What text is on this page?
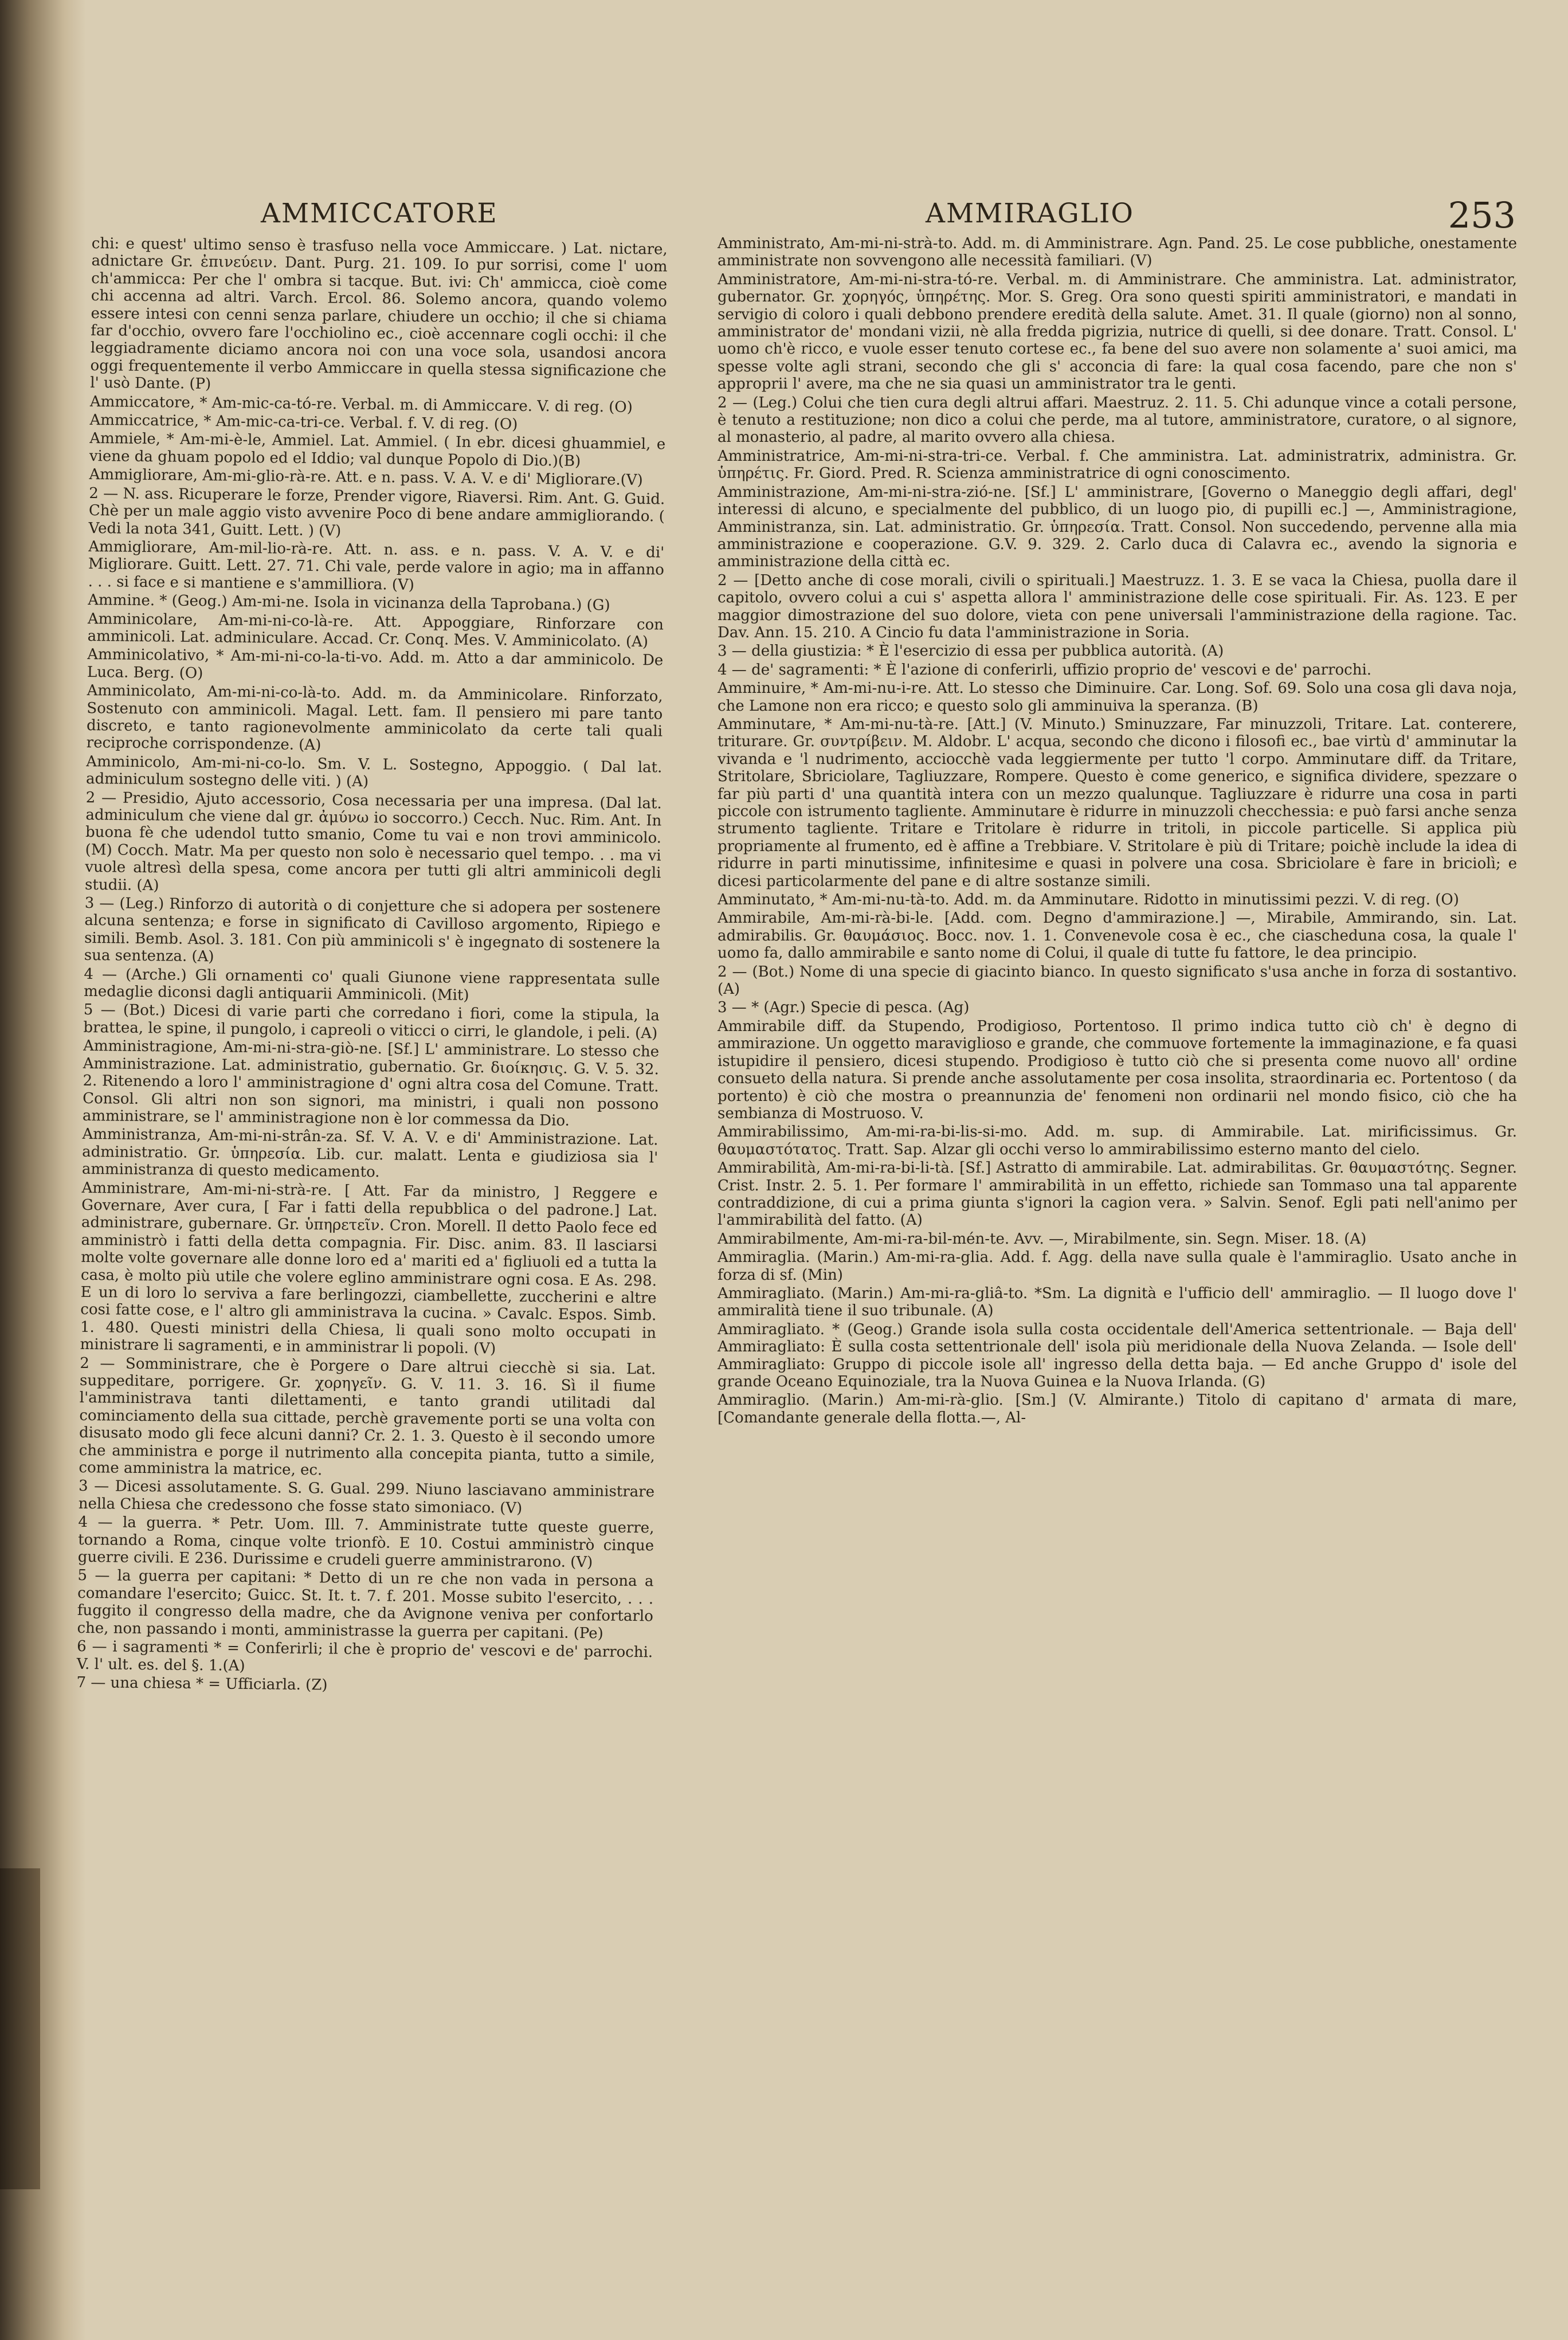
AMMICCATORE	AMMIRAGLIO	253

chi: e quest' ultimo senso è trasfuso nella voce Ammiccare. ) Lat. nictare, adnictare Gr. ἐπινεύειν. Dant. Purg. 21. 109. Io pur sorrisi, come l' uom ch'ammicca: Per che l' ombra si tacque. But. ivi: Ch' ammicca, cioè come chi accenna ad altri. Varch. Ercol. 86. Solemo ancora, quando volemo essere intesi con cenni senza parlare, chiudere un occhio; il che si chiama far d'occhio, ovvero fare l'occhiolino ec., cioè accennare cogli occhi: il che leggiadramente diciamo ancora noi con una voce sola, usandosi ancora oggi frequentemente il verbo Ammiccare in quella stessa significazione che l' usò Dante. (P)

Ammiccatore, * Am-mic-ca-tó-re. Verbal. m. di Ammiccare. V. di reg. (O)

Ammiccatrice, * Am-mic-ca-tri-ce. Verbal. f. V. di reg. (O)

Ammiele, * Am-mi-è-le, Ammiel. Lat. Ammiel. ( In ebr. dicesi ghuammiel, e viene da ghuam popolo ed el Iddio; val dunque Popolo di Dio.)(B)

Ammigliorare, Am-mi-glio-rà-re. Att. e n. pass. V. A. V. e di' Migliorare.(V)

2 — N. ass. Ricuperare le forze, Prender vigore, Riaversi. Rim. Ant. G. Guid. Chè per un male aggio visto avvenire Poco di bene andare ammigliorando. ( Vedi la nota 341, Guitt. Lett. ) (V)

Ammigliorare, Am-mil-lio-rà-re. Att. n. ass. e n. pass. V. A. V. e di' Migliorare. Guitt. Lett. 27. 71. Chi vale, perde valore in agio; ma in affanno . . . si face e si mantiene e s'ammilliora. (V)

Ammine. * (Geog.) Am-mi-ne. Isola in vicinanza della Taprobana.) (G)

Amminicolare, Am-mi-ni-co-là-re. Att. Appoggiare, Rinforzare con amminicoli. Lat. adminiculare. Accad. Cr. Conq. Mes. V. Amminicolato. (A)

Amminicolativo, * Am-mi-ni-co-la-ti-vo. Add. m. Atto a dar amminicolo. De Luca. Berg. (O)

Amminicolato, Am-mi-ni-co-là-to. Add. m. da Amminicolare. Rinforzato, Sostenuto con amminicoli. Magal. Lett. fam. Il pensiero mi pare tanto discreto, e tanto ragionevolmente amminicolato da certe tali quali reciproche corrispondenze. (A)

Amminicolo, Am-mi-ni-co-lo. Sm. V. L. Sostegno, Appoggio. ( Dal lat. adminiculum sostegno delle viti. ) (A)

2 — Presidio, Ajuto accessorio, Cosa necessaria per una impresa. (Dal lat. adminiculum che viene dal gr. ἀμύνω io soccorro.) Cecch. Nuc. Rim. Ant. In buona fè che udendol tutto smanio, Come tu vai e non trovi amminicolo. (M) Cocch. Matr. Ma per questo non solo è necessario quel tempo. . . ma vi vuole altresì della spesa, come ancora per tutti gli altri amminicoli degli studii. (A)

3 — (Leg.) Rinforzo di autorità o di conjetture che si adopera per sostenere alcuna sentenza; e forse in significato di Cavilloso argomento, Ripiego e simili. Bemb. Asol. 3. 181. Con più amminicoli s' è ingegnato di sostenere la sua sentenza. (A)

4 — (Arche.) Gli ornamenti co' quali Giunone viene rappresentata sulle medaglie diconsi dagli antiquarii Amminicoli. (Mit)

5 — (Bot.) Dicesi di varie parti che corredano i fiori, come la stipula, la brattea, le spine, il pungolo, i capreoli o viticci o cirri, le glandole, i peli. (A)

Amministragione, Am-mi-ni-stra-giò-ne. [Sf.] L' amministrare. Lo stesso che Amministrazione. Lat. administratio, gubernatio. Gr. διοίκησις. G. V. 5. 32. 2. Ritenendo a loro l' amministragione d' ogni altra cosa del Comune. Tratt. Consol. Gli altri non son signori, ma ministri, i quali non possono amministrare, se l' amministragione non è lor commessa da Dio.

Amministranza, Am-mi-ni-strân-za. Sf. V. A. V. e di' Amministrazione. Lat. administratio. Gr. ὑπηρεσία. Lib. cur. malatt. Lenta e giudiziosa sia l' amministranza di questo medicamento.

Amministrare, Am-mi-ni-strà-re. [ Att. Far da ministro, ] Reggere e Governare, Aver cura, [ Far i fatti della repubblica o del padrone.] Lat. administrare, gubernare. Gr. ὑπηρετεῖν. Cron. Morell. Il detto Paolo fece ed amministrò i fatti della detta compagnia. Fir. Disc. anim. 83. Il lasciarsi molte volte governare alle donne loro ed a' mariti ed a' figliuoli ed a tutta la casa, è molto più utile che volere eglino amministrare ogni cosa. E As. 298. E un di loro lo serviva a fare berlingozzi, ciambellette, zuccherini e altre cosi fatte cose, e l' altro gli amministrava la cucina. » Cavalc. Espos. Simb. 1. 480. Questi ministri della Chiesa, li quali sono molto occupati in ministrare li sagramenti, e in amministrar li popoli. (V)

2 — Somministrare, che è Porgere o Dare altrui ciecchè si sia. Lat. suppeditare, porrigere. Gr. χορηγεῖν. G. V. 11. 3. 16. Sì il fiume l'amministrava tanti dilettamenti, e tanto grandi utilitadi dal cominciamento della sua cittade, perchè gravemente porti se una volta con disusato modo gli fece alcuni danni? Cr. 2. 1. 3. Questo è il secondo umore che amministra e porge il nutrimento alla concepita pianta, tutto a simile, come amministra la matrice, ec.

3 — Dicesi assolutamente. S. G. Gual. 299. Niuno lasciavano amministrare nella Chiesa che credessono che fosse stato simoniaco. (V)

4 — la guerra. * Petr. Uom. Ill. 7. Amministrate tutte queste guerre, tornando a Roma, cinque volte trionfò. E 10. Costui amministrò cinque guerre civili. E 236. Durissime e crudeli guerre amministrarono. (V)

5 — la guerra per capitani: * Detto di un re che non vada in persona a comandare l'esercito; Guicc. St. It. t. 7. f. 201. Mosse subito l'esercito, . . . fuggito il congresso della madre, che da Avignone veniva per confortarlo che, non passando i monti, amministrasse la guerra per capitani. (Pe)

6 — i sagramenti * = Conferirli; il che è proprio de' vescovi e de' parrochi. V. l' ult. es. del §. 1.(A)

7 — una chiesa * = Ufficiarla. (Z)

Amministrato, Am-mi-ni-strà-to. Add. m. di Amministrare. Agn. Pand. 25. Le cose pubbliche, onestamente amministrate non sovvengono alle necessità familiari. (V)

Amministratore, Am-mi-ni-stra-tó-re. Verbal. m. di Amministrare. Che amministra. Lat. administrator, gubernator. Gr. χορηγός, ὑπηρέτης. Mor. S. Greg. Ora sono questi spiriti amministratori, e mandati in servigio di coloro i quali debbono prendere eredità della salute. Amet. 31. Il quale (giorno) non al sonno, amministrator de' mondani vizii, nè alla fredda pigrizia, nutrice di quelli, si dee donare. Tratt. Consol. L' uomo ch'è ricco, e vuole esser tenuto cortese ec., fa bene del suo avere non solamente a' suoi amici, ma spesse volte agli strani, secondo che gli s' acconcia di fare: la qual cosa facendo, pare che non s' approprii l' avere, ma che ne sia quasi un amministrator tra le genti.

2 — (Leg.) Colui che tien cura degli altrui affari. Maestruz. 2. 11. 5. Chi adunque vince a cotali persone, è tenuto a restituzione; non dico a colui che perde, ma al tutore, amministratore, curatore, o al signore, al monasterio, al padre, al marito ovvero alla chiesa.

Amministratrice, Am-mi-ni-stra-tri-ce. Verbal. f. Che amministra. Lat. administratrix, administra. Gr. ὑπηρέτις. Fr. Giord. Pred. R. Scienza amministratrice di ogni conoscimento.

Amministrazione, Am-mi-ni-stra-zió-ne. [Sf.] L' amministrare, [Governo o Maneggio degli affari, degl' interessi di alcuno, e specialmente del pubblico, di un luogo pio, di pupilli ec.] —, Amministragione, Amministranza, sin. Lat. administratio. Gr. ὑπηρεσία. Tratt. Consol. Non succedendo, pervenne alla mia amministrazione e cooperazione. G.V. 9. 329. 2. Carlo duca di Calavra ec., avendo la signoria e amministrazione della città ec.

2 — [Detto anche di cose morali, civili o spirituali.] Maestruzz. 1. 3. E se vaca la Chiesa, puolla dare il capitolo, ovvero colui a cui s' aspetta allora l' amministrazione delle cose spirituali. Fir. As. 123. E per maggior dimostrazione del suo dolore, vieta con pene universali l'amministrazione della ragione. Tac. Dav. Ann. 15. 210. A Cincio fu data l'amministrazione in Soria.

3 — della giustizia: * È l'esercizio di essa per pubblica autorità. (A)

4 — de' sagramenti: * È l'azione di conferirli, uffizio proprio de' vescovi e de' parrochi.

Amminuire, * Am-mi-nu-i-re. Att. Lo stesso che Diminuire. Car. Long. Sof. 69. Solo una cosa gli dava noja, che Lamone non era ricco; e questo solo gli amminuiva la speranza. (B)

Amminutare, * Am-mi-nu-tà-re. [Att.] (V. Minuto.) Sminuzzare, Far minuzzoli, Tritare. Lat. conterere, triturare. Gr. συντρίβειν. M. Aldobr. L' acqua, secondo che dicono i filosofi ec., bae virtù d' amminutar la vivanda e 'l nudrimento, acciocchè vada leggiermente per tutto 'l corpo. Amminutare diff. da Tritare, Stritolare, Sbriciolare, Tagliuzzare, Rompere. Questo è come generico, e significa dividere, spezzare o far più parti d' una quantità intera con un mezzo qualunque. Tagliuzzare è ridurre una cosa in parti piccole con istrumento tagliente. Amminutare è ridurre in minuzzoli checchessia: e può farsi anche senza strumento tagliente. Tritare e Tritolare è ridurre in tritoli, in piccole particelle. Si applica più propriamente al frumento, ed è affine a Trebbiare. V. Stritolare è più di Tritare; poichè include la idea di ridurre in parti minutissime, infinitesime e quasi in polvere una cosa. Sbriciolare è fare in briciolì; e dicesi particolarmente del pane e di altre sostanze simili.

Amminutato, * Am-mi-nu-tà-to. Add. m. da Amminutare. Ridotto in minutissimi pezzi. V. di reg. (O)

Ammirabile, Am-mi-rà-bi-le. [Add. com. Degno d'ammirazione.] —, Mirabile, Ammirando, sin. Lat. admirabilis. Gr. θαυμάσιος. Bocc. nov. 1. 1. Convenevole cosa è ec., che ciascheduna cosa, la quale l' uomo fa, dallo ammirabile e santo nome di Colui, il quale di tutte fu fattore, le dea principio.

2 — (Bot.) Nome di una specie di giacinto bianco. In questo significato s'usa anche in forza di sostantivo. (A)

3 — * (Agr.) Specie di pesca. (Ag)

Ammirabile diff. da Stupendo, Prodigioso, Portentoso. Il primo indica tutto ciò ch' è degno di ammirazione. Un oggetto maraviglioso e grande, che commuove fortemente la immaginazione, e fa quasi istupidire il pensiero, dicesi stupendo. Prodigioso è tutto ciò che si presenta come nuovo all' ordine consueto della natura. Si prende anche assolutamente per cosa insolita, straordinaria ec. Portentoso ( da portento) è ciò che mostra o preannunzia de' fenomeni non ordinarii nel mondo fisico, ciò che ha sembianza di Mostruoso. V.

Ammirabilissimo, Am-mi-ra-bi-lis-si-mo. Add. m. sup. di Ammirabile. Lat. mirificissimus. Gr. θαυμαστότατος. Tratt. Sap. Alzar gli occhi verso lo ammirabilissimo esterno manto del cielo.

Ammirabilità, Am-mi-ra-bi-li-tà. [Sf.] Astratto di ammirabile. Lat. admirabilitas. Gr. θαυμαστότης. Segner. Crist. Instr. 2. 5. 1. Per formare l' ammirabilità in un effetto, richiede san Tommaso una tal apparente contraddizione, di cui a prima giunta s'ignori la cagion vera. » Salvin. Senof. Egli pati nell'animo per l'ammirabilità del fatto. (A)

Ammirabilmente, Am-mi-ra-bil-mén-te. Avv. —, Mirabilmente, sin. Segn. Miser. 18. (A)

Ammiraglia. (Marin.) Am-mi-ra-glia. Add. f. Agg. della nave sulla quale è l'ammiraglio. Usato anche in forza di sf. (Min)

Ammiragliato. (Marin.) Am-mi-ra-gliâ-to. *Sm. La dignità e l'ufficio dell' ammiraglio. — Il luogo dove l' ammiralità tiene il suo tribunale. (A)

Ammiragliato. * (Geog.) Grande isola sulla costa occidentale dell'America settentrionale. — Baja dell' Ammiragliato: È sulla costa settentrionale dell' isola più meridionale della Nuova Zelanda. — Isole dell' Ammiragliato: Gruppo di piccole isole all' ingresso della detta baja. — Ed anche Gruppo d' isole del grande Oceano Equinoziale, tra la Nuova Guinea e la Nuova Irlanda. (G)

Ammiraglio. (Marin.) Am-mi-rà-glio. [Sm.] (V. Almirante.) Titolo di capitano d' armata di mare, [Comandante generale della flotta.—, Al-
